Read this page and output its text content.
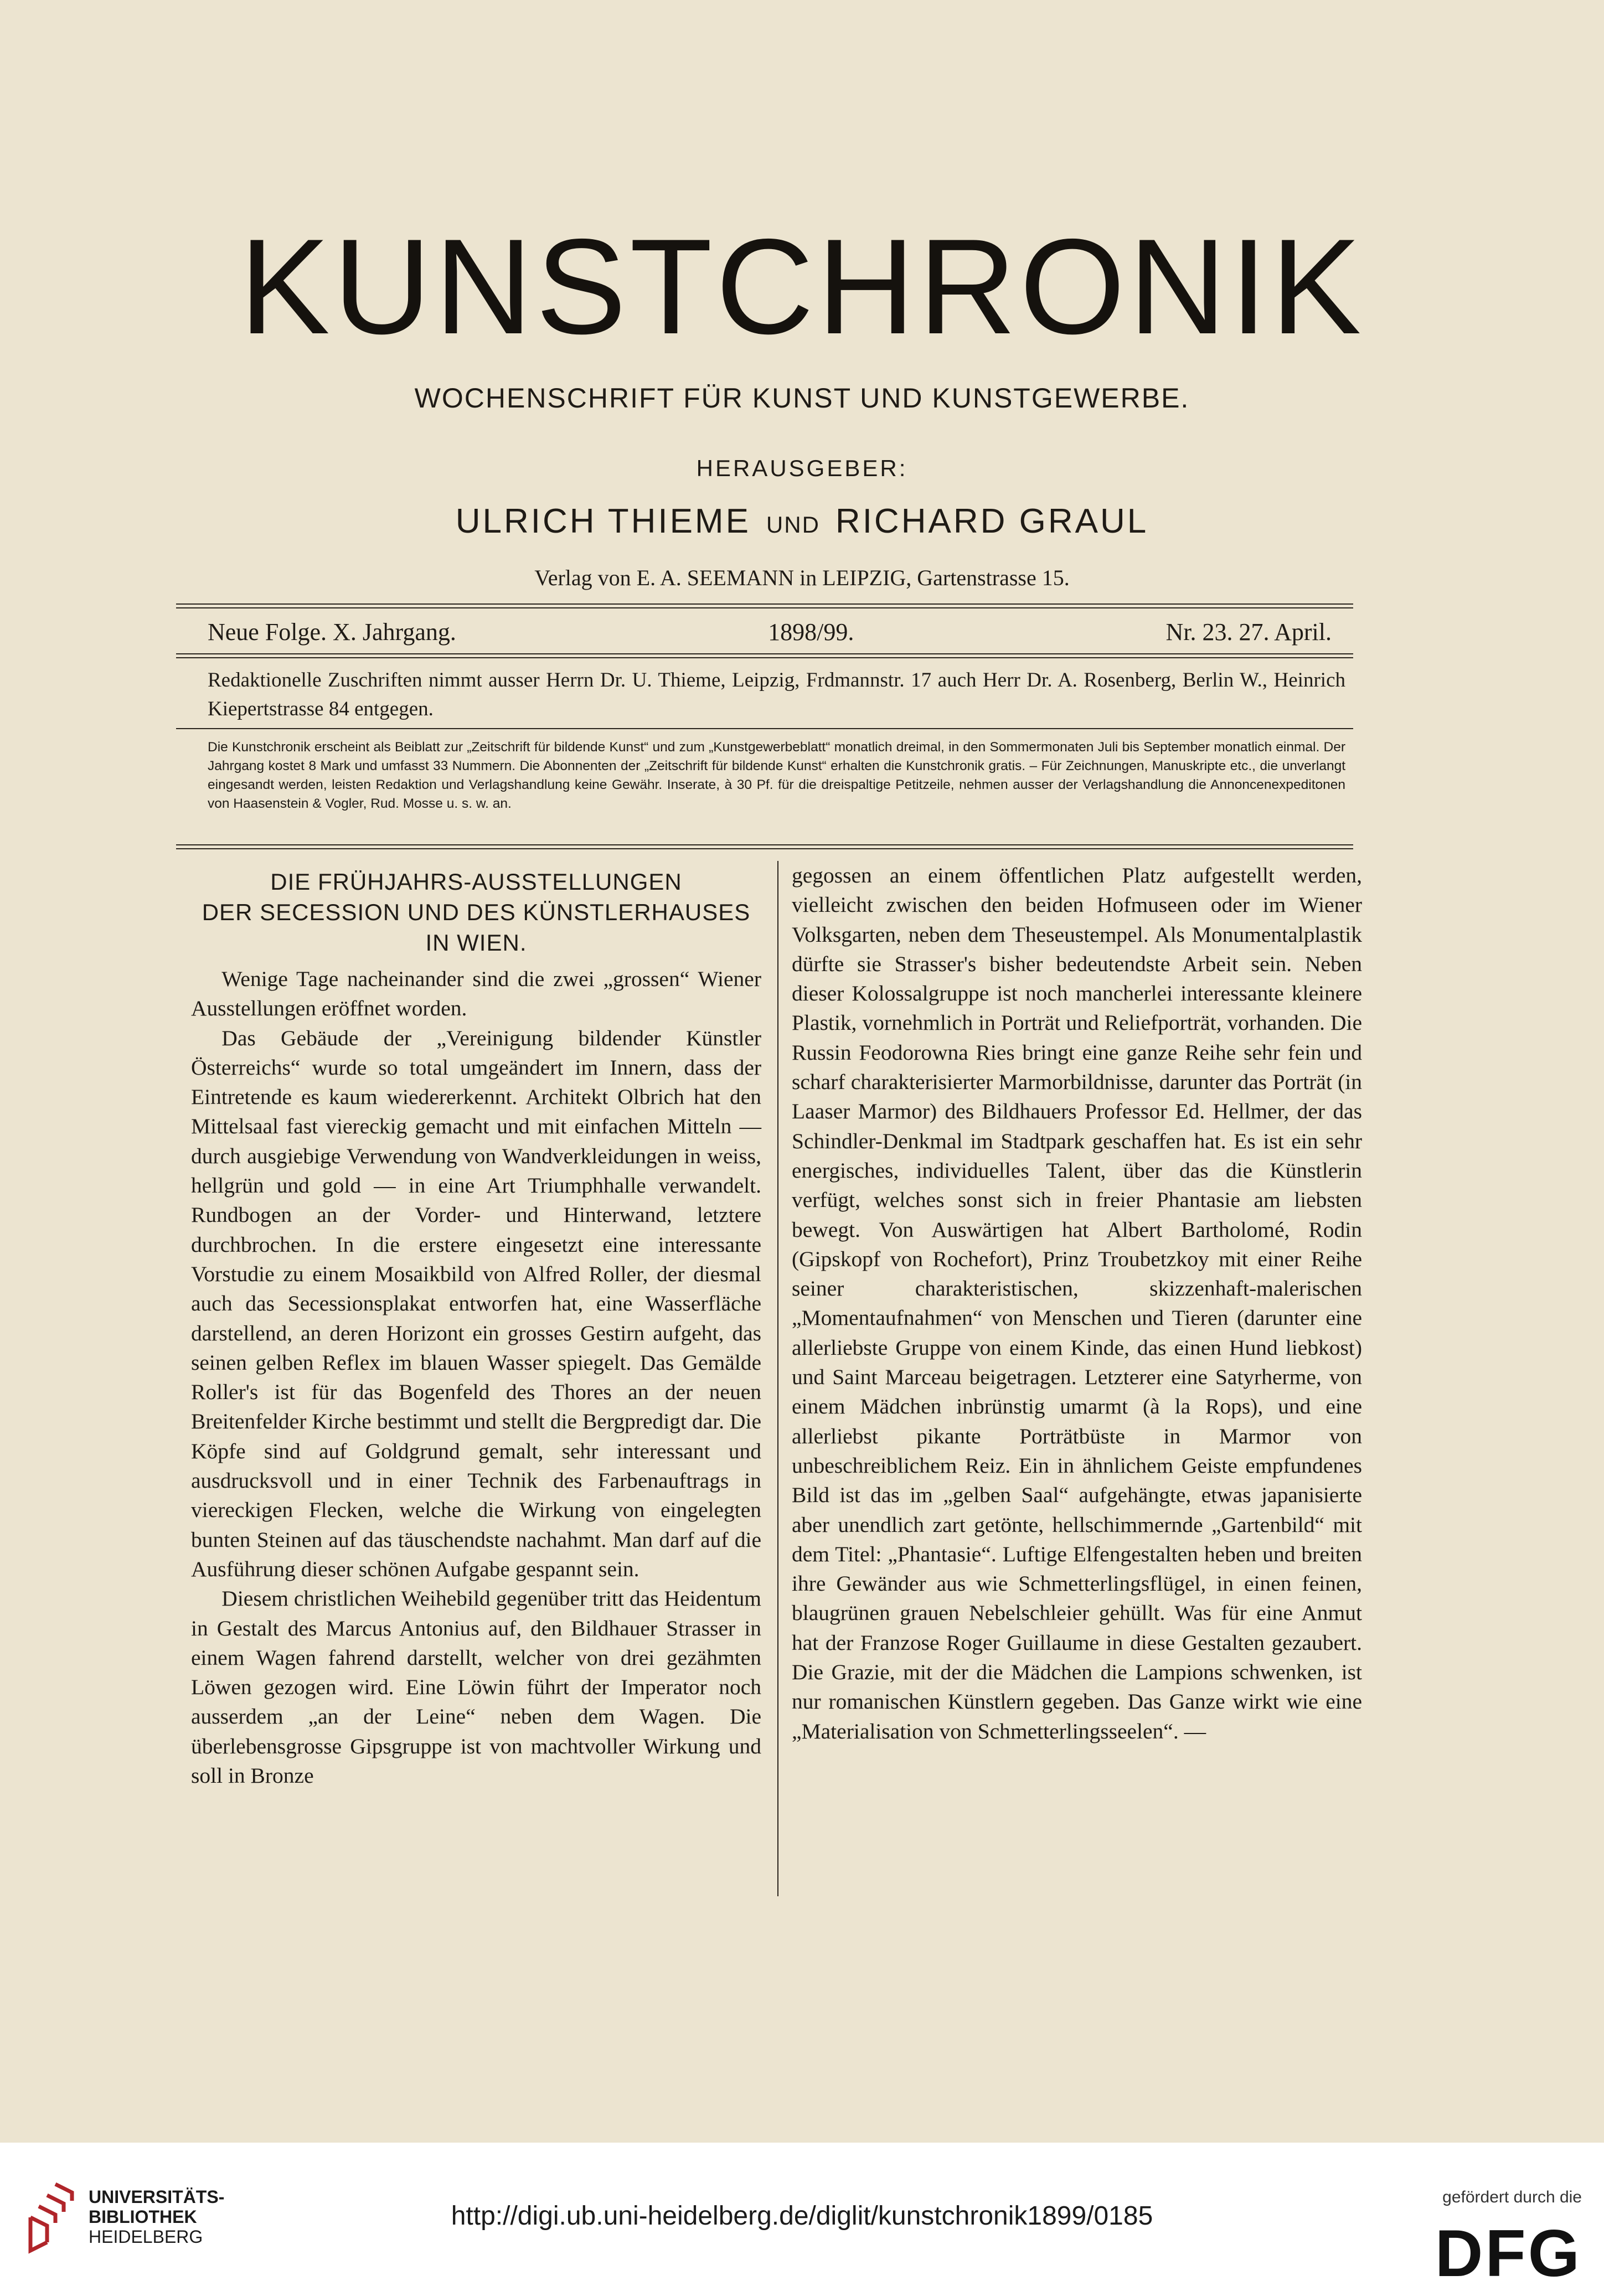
KUNSTCHRONIK
WOCHENSCHRIFT FÜR KUNST UND KUNSTGEWERBE.
HERAUSGEBER:
ULRICH THIEME UND RICHARD GRAUL
Verlag von E. A. SEEMANN in LEIPZIG, Gartenstrasse 15.
Neue Folge. X. Jahrgang.	1898/99.	Nr. 23. 27. April.
Redaktionelle Zuschriften nimmt ausser Herrn Dr. U. Thieme, Leipzig, Frdmannstr. 17 auch Herr Dr. A. Rosenberg, Berlin W., Heinrich Kiepertstrasse 84 entgegen.
Die Kunstchronik erscheint als Beiblatt zur „Zeitschrift für bildende Kunst“ und zum „Kunstgewerbeblatt“ monatlich dreimal, in den Sommermonaten Juli bis September monatlich einmal. Der Jahrgang kostet 8 Mark und umfasst 33 Nummern. Die Abonnenten der „Zeitschrift für bildende Kunst“ erhalten die Kunstchronik gratis. – Für Zeichnungen, Manuskripte etc., die unverlangt eingesandt werden, leisten Redaktion und Verlagshandlung keine Gewähr. Inserate, à 30 Pf. für die dreispaltige Petitzeile, nehmen ausser der Verlagshandlung die Annoncenexpeditonen von Haasenstein & Vogler, Rud. Mosse u. s. w. an.
DIE FRÜHJAHRS-AUSSTELLUNGEN
DER SECESSION UND DES KÜNSTLERHAUSES
IN WIEN.

Wenige Tage nacheinander sind die zwei „grossen“ Wiener Ausstellungen eröffnet worden.

Das Gebäude der „Vereinigung bildender Künstler Österreichs“ wurde so total umgeändert im Innern, dass der Eintretende es kaum wiedererkennt. Architekt Olbrich hat den Mittelsaal fast viereckig gemacht und mit einfachen Mitteln — durch ausgiebige Verwendung von Wandverkleidungen in weiss, hellgrün und gold — in eine Art Triumphhalle verwandelt. Rundbogen an der Vorder- und Hinterwand, letztere durchbrochen. In die erstere eingesetzt eine interessante Vorstudie zu einem Mosaikbild von Alfred Roller, der diesmal auch das Secessionsplakat entworfen hat, eine Wasserfläche darstellend, an deren Horizont ein grosses Gestirn aufgeht, das seinen gelben Reflex im blauen Wasser spiegelt. Das Gemälde Roller's ist für das Bogenfeld des Thores an der neuen Breitenfelder Kirche bestimmt und stellt die Bergpredigt dar. Die Köpfe sind auf Goldgrund gemalt, sehr interessant und ausdrucksvoll und in einer Technik des Farbenauftrags in viereckigen Flecken, welche die Wirkung von eingelegten bunten Steinen auf das täuschendste nachahmt. Man darf auf die Ausführung dieser schönen Aufgabe gespannt sein.

Diesem christlichen Weihebild gegenüber tritt das Heidentum in Gestalt des Marcus Antonius auf, den Bildhauer Strasser in einem Wagen fahrend darstellt, welcher von drei gezähmten Löwen gezogen wird. Eine Löwin führt der Imperator noch ausserdem „an der Leine“ neben dem Wagen. Die überlebensgrosse Gipsgruppe ist von machtvoller Wirkung und soll in Bronze

gegossen an einem öffentlichen Platz aufgestellt werden, vielleicht zwischen den beiden Hofmuseen oder im Wiener Volksgarten, neben dem Theseustempel. Als Monumentalplastik dürfte sie Strasser's bisher bedeutendste Arbeit sein. Neben dieser Kolossalgruppe ist noch mancherlei interessante kleinere Plastik, vornehmlich in Porträt und Reliefporträt, vorhanden. Die Russin Feodorowna Ries bringt eine ganze Reihe sehr fein und scharf charakterisierter Marmorbildnisse, darunter das Porträt (in Laaser Marmor) des Bildhauers Professor Ed. Hellmer, der das Schindler-Denkmal im Stadtpark geschaffen hat. Es ist ein sehr energisches, individuelles Talent, über das die Künstlerin verfügt, welches sonst sich in freier Phantasie am liebsten bewegt. Von Auswärtigen hat Albert Bartholomé, Rodin (Gipskopf von Rochefort), Prinz Troubetzkoy mit einer Reihe seiner charakteristischen, skizzenhaft-malerischen „Momentaufnahmen“ von Menschen und Tieren (darunter eine allerliebste Gruppe von einem Kinde, das einen Hund liebkost) und Saint Marceau beigetragen. Letzterer eine Satyrherme, von einem Mädchen inbrünstig umarmt (à la Rops), und eine allerliebst pikante Porträtbüste in Marmor von unbeschreiblichem Reiz. Ein in ähnlichem Geiste empfundenes Bild ist das im „gelben Saal“ aufgehängte, etwas japanisierte aber unendlich zart getönte, hellschimmernde „Gartenbild“ mit dem Titel: „Phantasie“. Luftige Elfengestalten heben und breiten ihre Gewänder aus wie Schmetterlingsflügel, in einen feinen, blaugrünen grauen Nebelschleier gehüllt. Was für eine Anmut hat der Franzose Roger Guillaume in diese Gestalten gezaubert. Die Grazie, mit der die Mädchen die Lampions schwenken, ist nur romanischen Künstlern gegeben. Das Ganze wirkt wie eine „Materialisation von Schmetterlingsseelen“. —

UNIVERSITÄTS-
BIBLIOTHEK
HEIDELBERG
http://digi.ub.uni-heidelberg.de/diglit/kunstchronik1899/0185
gefördert durch die
DFG
